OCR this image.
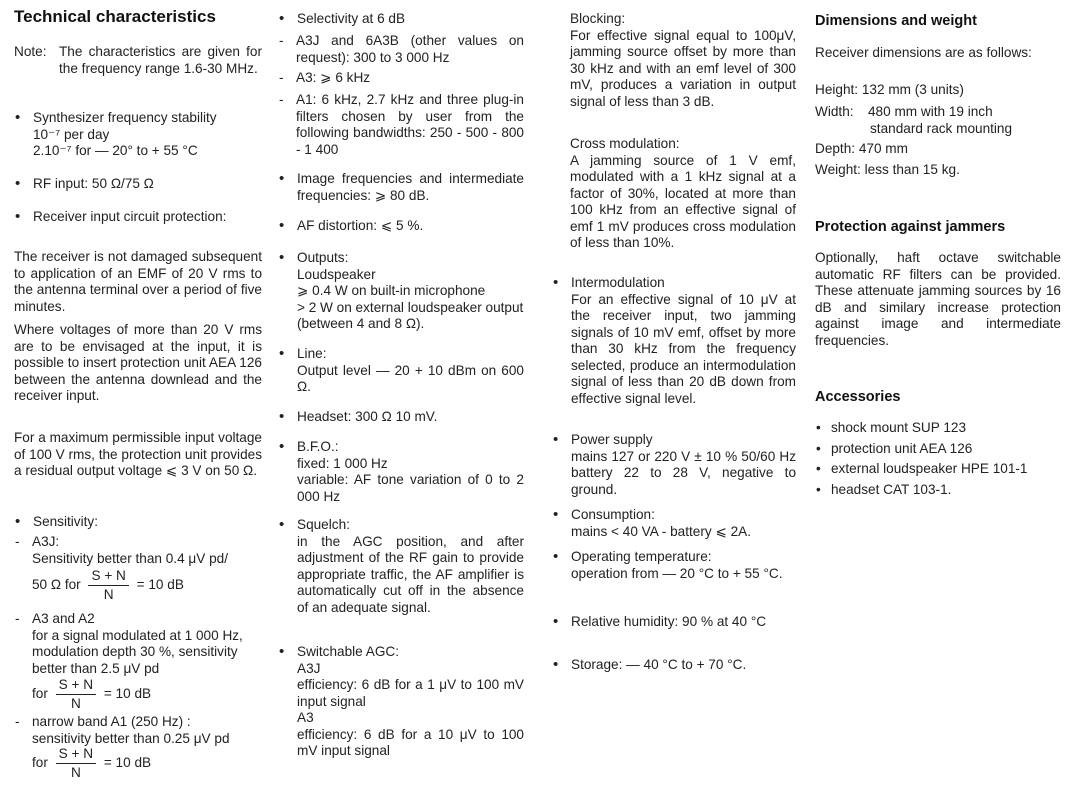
Technical characteristics
Note: The characteristics are given for the frequency range 1.6-30 MHz.
• Synthesizer frequency stability
10⁻⁷ per day
2.10⁻⁷ for — 20° to + 55 °C
• RF input: 50 Ω/75 Ω
• Receiver input circuit protection:
The receiver is not damaged subsequent to application of an EMF of 20 V rms to the antenna terminal over a period of five minutes.
Where voltages of more than 20 V rms are to be envisaged at the input, it is possible to insert protection unit AEA 126 between the antenna downlead and the receiver input.
For a maximum permissible input voltage of 100 V rms, the protection unit provides a residual output voltage ⩽ 3 V on 50 Ω.
• Sensitivity:
- A3J:
Sensitivity better than 0.4 μV pd/
50 Ω for $\frac{S + N}{N} = 10$ dB
- A3 and A2
for a signal modulated at 1 000 Hz, modulation depth 30 %, sensitivity better than 2.5 μV pd
for $\frac{S + N}{N} = 10$ dB
- narrow band A1 (250 Hz) :
sensitivity better than 0.25 μV pd
for $\frac{S + N}{N} = 10$ dB
• Selectivity at 6 dB
- A3J and 6A3B (other values on request): 300 to 3 000 Hz
- A3: ⩾ 6 kHz
- A1: 6 kHz, 2.7 kHz and three plug-in filters chosen by user from the following bandwidths: 250 - 500 - 800 - 1 400
• Image frequencies and intermediate frequencies: ⩾ 80 dB.
• AF distortion: ⩽ 5 %.
• Outputs:
Loudspeaker
⩾ 0.4 W on built-in microphone
> 2 W on external loudspeaker output (between 4 and 8 Ω).
• Line:
Output level — 20 + 10 dBm on 600 Ω.
• Headset: 300 Ω 10 mV.
• B.F.O.:
fixed: 1 000 Hz
variable: AF tone variation of 0 to 2 000 Hz
• Squelch:
in the AGC position, and after adjustment of the RF gain to provide appropriate traffic, the AF amplifier is automatically cut off in the absence of an adequate signal.
• Switchable AGC:
A3J
efficiency: 6 dB for a 1 μV to 100 mV input signal
A3
efficiency: 6 dB for a 10 μV to 100 mV input signal
Blocking:
For effective signal equal to 100μV, jamming source offset by more than 30 kHz and with an emf level of 300 mV, produces a variation in output signal of less than 3 dB.
Cross modulation:
A jamming source of 1 V emf, modulated with a 1 kHz signal at a factor of 30%, located at more than 100 kHz from an effective signal of emf 1 mV produces cross modulation of less than 10%.
• Intermodulation
For an effective signal of 10 μV at the receiver input, two jamming signals of 10 mV emf, offset by more than 30 kHz from the frequency selected, produce an intermodulation signal of less than 20 dB down from effective signal level.
• Power supply
mains 127 or 220 V ± 10 % 50/60 Hz battery 22 to 28 V, negative to ground.
• Consumption:
mains < 40 VA - battery ⩽ 2A.
• Operating temperature:
operation from — 20 °C to + 55 °C.
• Relative humidity: 90 % at 40 °C
• Storage: — 40 °C to + 70 °C.
Dimensions and weight
Receiver dimensions are as follows:
Height: 132 mm (3 units)
Width: 480 mm with 19 inch
standard rack mounting
Depth: 470 mm
Weight: less than 15 kg.
Protection against jammers
Optionally, haft octave switchable automatic RF filters can be provided. These attenuate jamming sources by 16 dB and similary increase protection against image and intermediate frequencies.
Accessories
• shock mount SUP 123
• protection unit AEA 126
• external loudspeaker HPE 101-1
• headset CAT 103-1.
